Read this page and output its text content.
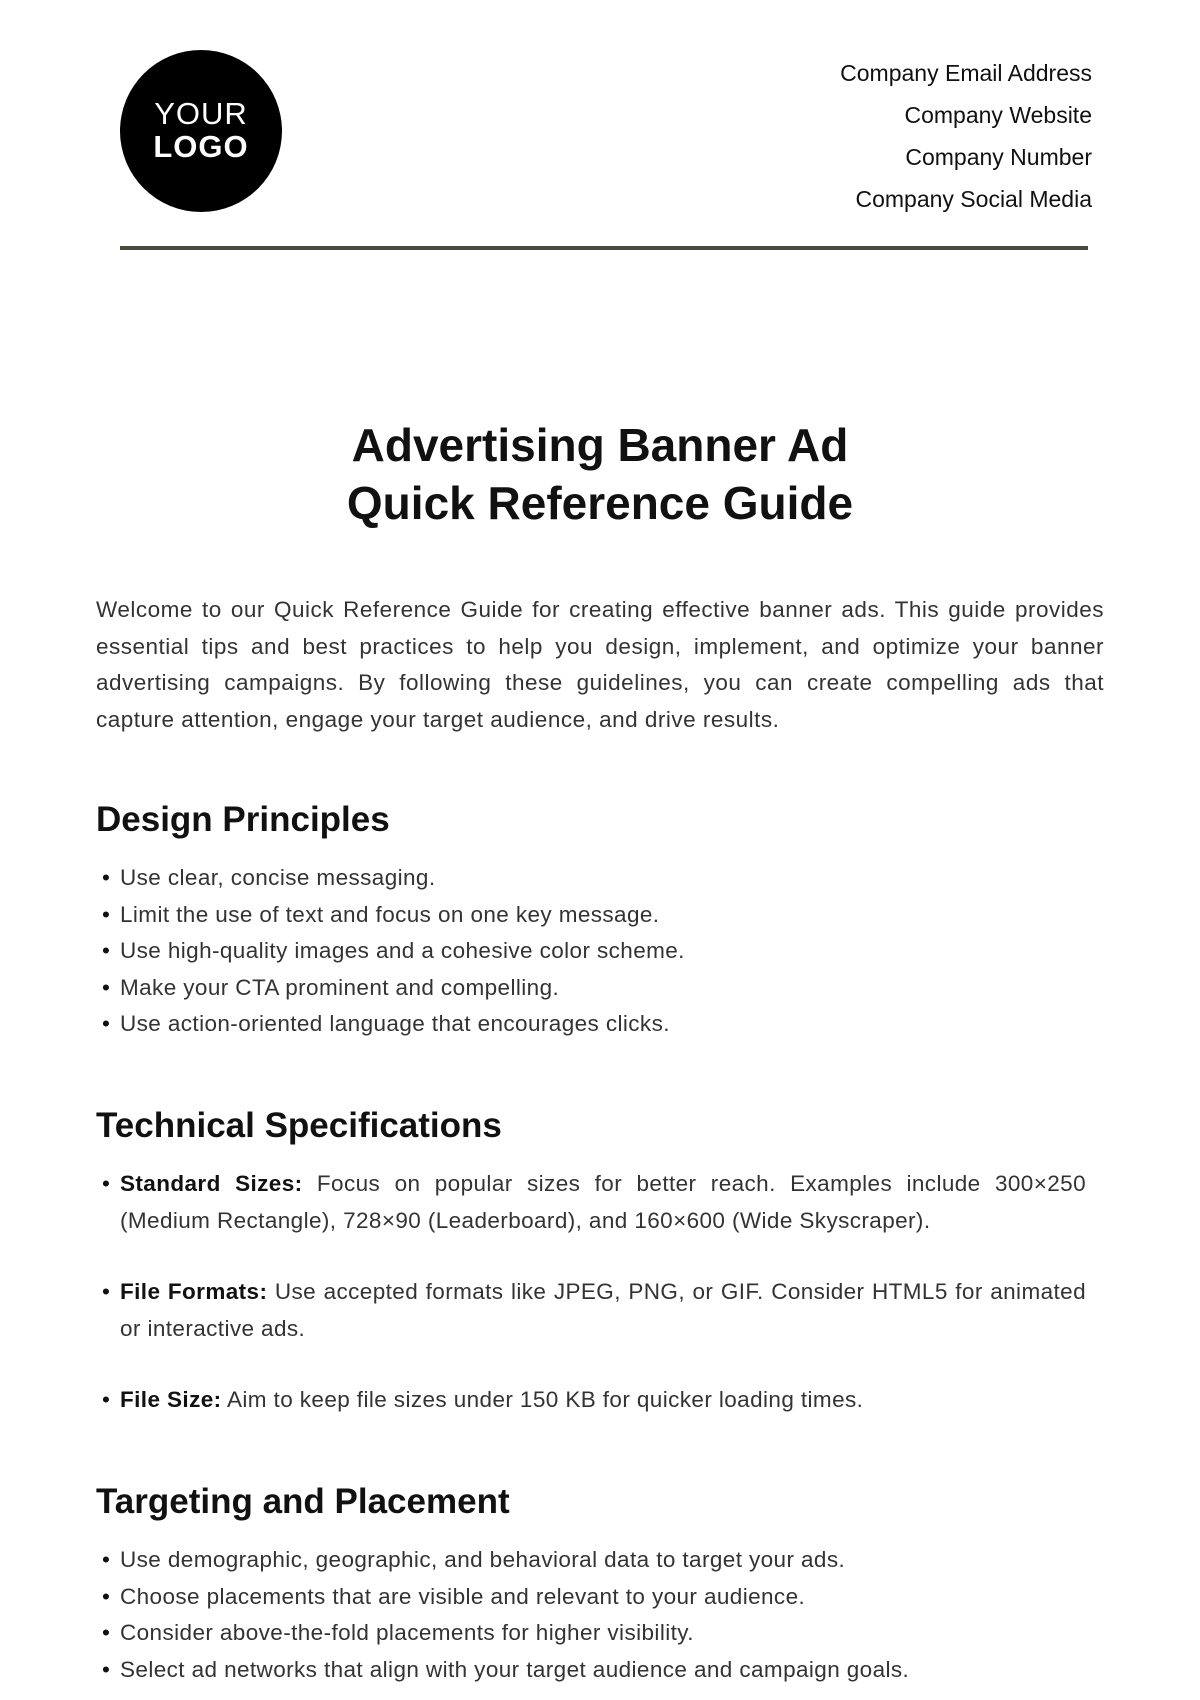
YOUR
LOGO
Company Email Address
Company Website
Company Number
Company Social Media
Advertising Banner Ad
Quick Reference Guide

Welcome to our Quick Reference Guide for creating effective banner ads. This guide provides essential tips and best practices to help you design, implement, and optimize your banner advertising campaigns. By following these guidelines, you can create compelling ads that capture attention, engage your target audience, and drive results.

Design Principles
• Use clear, concise messaging.
• Limit the use of text and focus on one key message.
• Use high-quality images and a cohesive color scheme.
• Make your CTA prominent and compelling.
• Use action-oriented language that encourages clicks.
Technical Specifications
• Standard Sizes: Focus on popular sizes for better reach. Examples include 300×250 (Medium Rectangle), 728×90 (Leaderboard), and 160×600 (Wide Skyscraper).
• File Formats: Use accepted formats like JPEG, PNG, or GIF. Consider HTML5 for animated or interactive ads.
• File Size: Aim to keep file sizes under 150 KB for quicker loading times.
Targeting and Placement
• Use demographic, geographic, and behavioral data to target your ads.
• Choose placements that are visible and relevant to your audience.
• Consider above-the-fold placements for higher visibility.
• Select ad networks that align with your target audience and campaign goals.
